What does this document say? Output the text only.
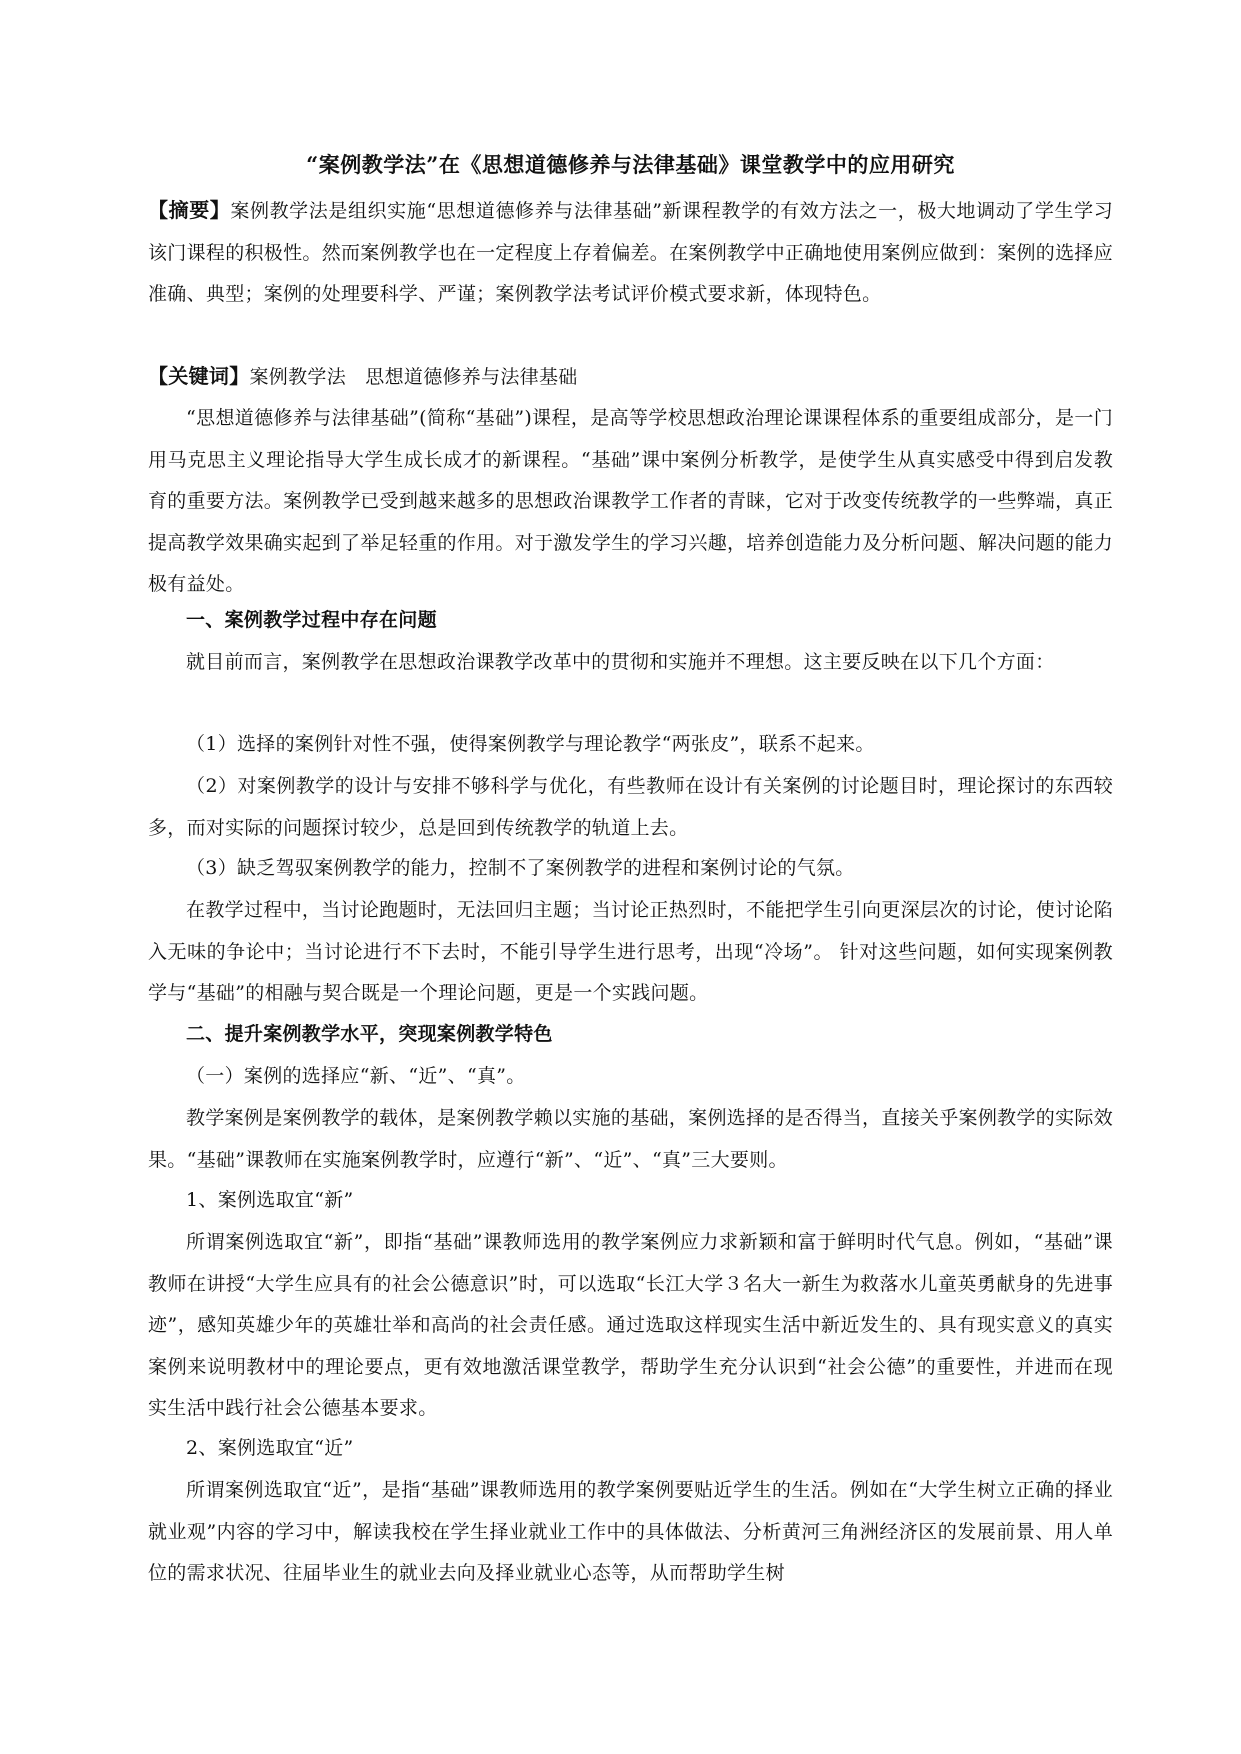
“案例教学法”在《思想道德修养与法律基础》课堂教学中的应用研究
【摘要】案例教学法是组织实施“思想道德修养与法律基础”新课程教学的有效方法之一，极大地调动了学生学习该门课程的积极性。然而案例教学也在一定程度上存着偏差。在案例教学中正确地使用案例应做到：案例的选择应准确、典型；案例的处理要科学、严谨；案例教学法考试评价模式要求新，体现特色。
【关键词】案例教学法　思想道德修养与法律基础
“思想道德修养与法律基础”(简称“基础”)课程，是高等学校思想政治理论课课程体系的重要组成部分，是一门用马克思主义理论指导大学生成长成才的新课程。“基础”课中案例分析教学，是使学生从真实感受中得到启发教育的重要方法。案例教学已受到越来越多的思想政治课教学工作者的青睐，它对于改变传统教学的一些弊端，真正提高教学效果确实起到了举足轻重的作用。对于激发学生的学习兴趣，培养创造能力及分析问题、解决问题的能力极有益处。
一、案例教学过程中存在问题
就目前而言，案例教学在思想政治课教学改革中的贯彻和实施并不理想。这主要反映在以下几个方面：
（1）选择的案例针对性不强，使得案例教学与理论教学“两张皮”，联系不起来。
（2）对案例教学的设计与安排不够科学与优化，有些教师在设计有关案例的讨论题目时，理论探讨的东西较多，而对实际的问题探讨较少，总是回到传统教学的轨道上去。
（3）缺乏驾驭案例教学的能力，控制不了案例教学的进程和案例讨论的气氛。
在教学过程中，当讨论跑题时，无法回归主题；当讨论正热烈时，不能把学生引向更深层次的讨论，使讨论陷入无味的争论中；当讨论进行不下去时，不能引导学生进行思考，出现“冷场”。 针对这些问题，如何实现案例教学与“基础”的相融与契合既是一个理论问题，更是一个实践问题。
二、提升案例教学水平，突现案例教学特色
（一）案例的选择应“新、“近”、“真”。
教学案例是案例教学的载体，是案例教学赖以实施的基础，案例选择的是否得当，直接关乎案例教学的实际效果。“基础”课教师在实施案例教学时，应遵行“新”、“近”、“真”三大要则。
1、案例选取宜“新”
所谓案例选取宜“新”，即指“基础”课教师选用的教学案例应力求新颖和富于鲜明时代气息。例如，“基础”课教师在讲授“大学生应具有的社会公德意识”时，可以选取“长江大学３名大一新生为救落水儿童英勇献身的先进事迹”，感知英雄少年的英雄壮举和高尚的社会责任感。通过选取这样现实生活中新近发生的、具有现实意义的真实案例来说明教材中的理论要点，更有效地激活课堂教学，帮助学生充分认识到“社会公德”的重要性，并进而在现实生活中践行社会公德基本要求。
2、案例选取宜“近”
所谓案例选取宜“近”，是指“基础”课教师选用的教学案例要贴近学生的生活。例如在“大学生树立正确的择业就业观”内容的学习中，解读我校在学生择业就业工作中的具体做法、分析黄河三角洲经济区的发展前景、用人单位的需求状况、往届毕业生的就业去向及择业就业心态等，从而帮助学生树
